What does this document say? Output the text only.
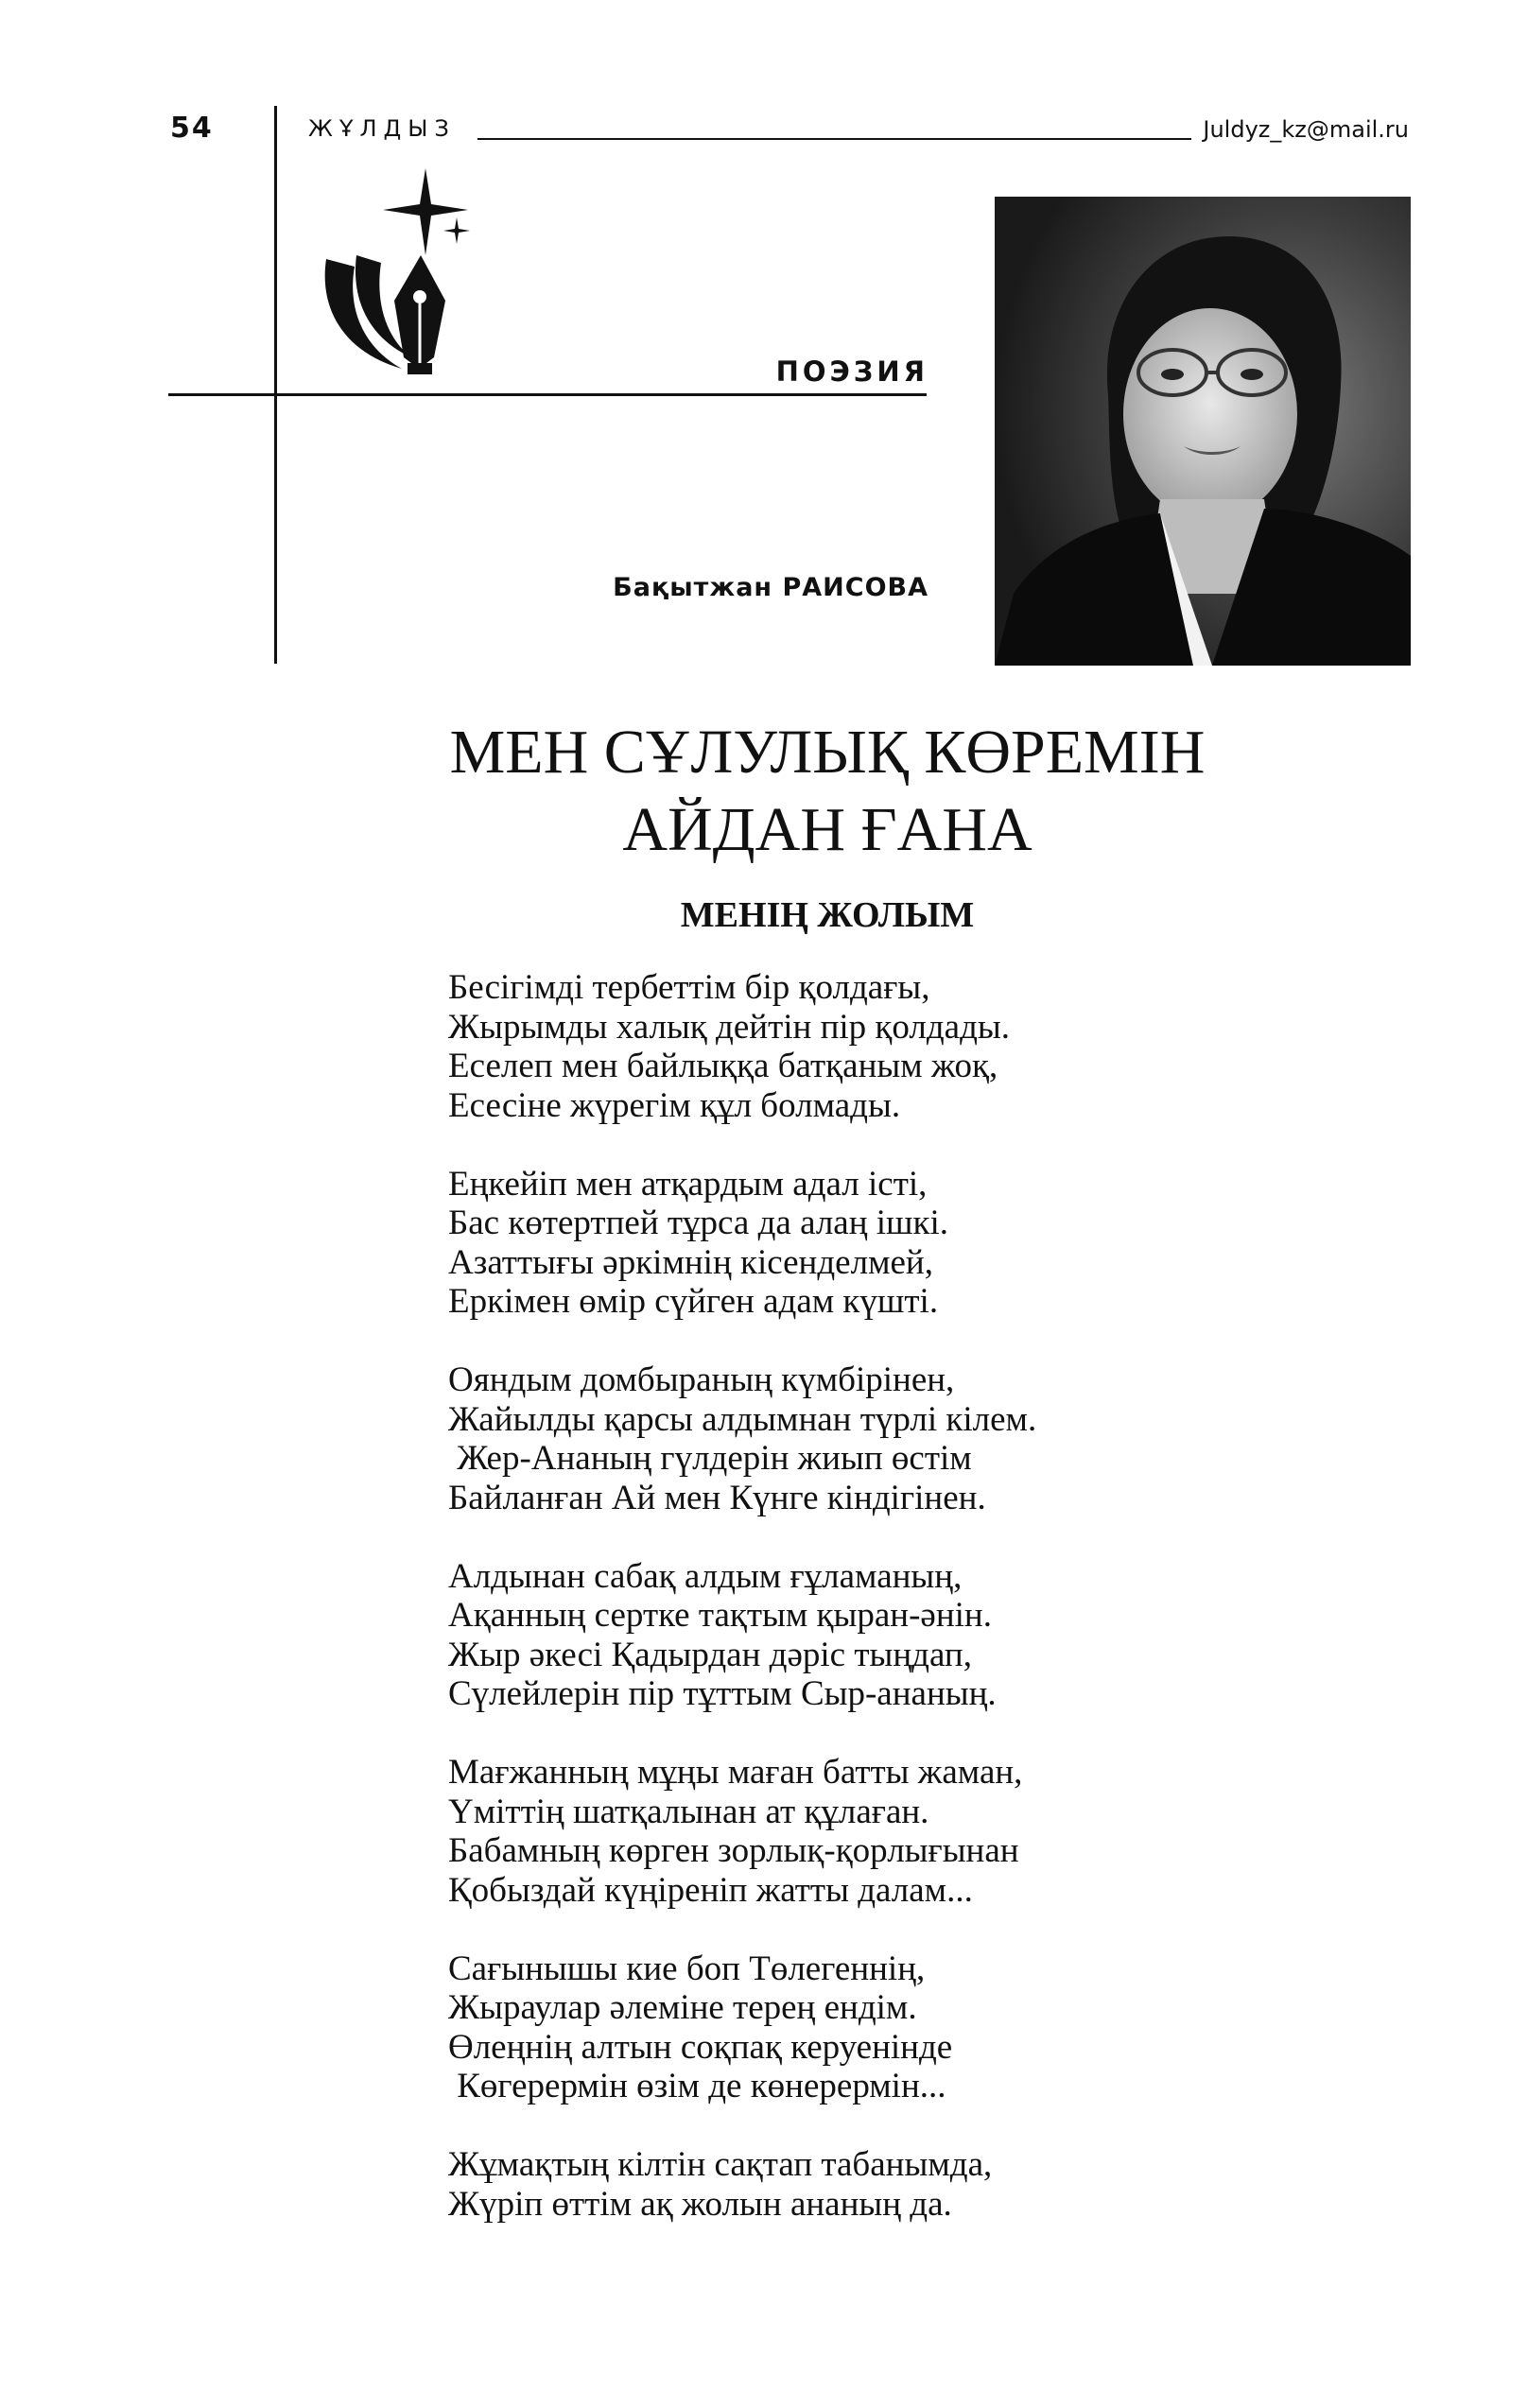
54	ЖҰЛДЫЗ	Juldyz_kz@mail.ru
ПОЭЗИЯ
Бақытжан РАИСОВА
МЕН СҰЛУЛЫҚ КӨРЕМІН
АЙДАН ҒАНА
МЕНІҢ ЖОЛЫМ
Бесігімді тербеттім бір қолдағы,
Жырымды халық дейтін пір қолдады.
Еселеп мен байлыққа батқаным жоқ,
Есесіне жүрегім құл болмады.
Еңкейіп мен атқардым адал істі,
Бас көтертпей тұрса да алаң ішкі.
Азаттығы әркімнің кісенделмей,
Еркімен өмір сүйген адам күшті.
Ояндым домбыраның күмбірінен,
Жайылды қарсы алдымнан түрлі кілем.
Жер-Ананың гүлдерін жиып өстім
Байланған Ай мен Күнге кіндігінен.
Алдынан сабақ алдым ғұламаның,
Ақанның сертке тақтым қыран-әнін.
Жыр әкесі Қадырдан дәріс тыңдап,
Сүлейлерін пір тұттым Сыр-ананың.
Мағжанның мұңы маған батты жаман,
Үміттің шатқалынан ат құлаған.
Бабамның көрген зорлық-қорлығынан
Қобыздай күңіреніп жатты далам...
Сағынышы кие боп Төлегеннің,
Жыраулар әлеміне терең ендім.
Өлеңнің алтын соқпақ керуенінде
Көгерермін өзім де көнерермін...
Жұмақтың кілтін сақтап табанымда,
Жүріп өттім ақ жолын ананың да.
